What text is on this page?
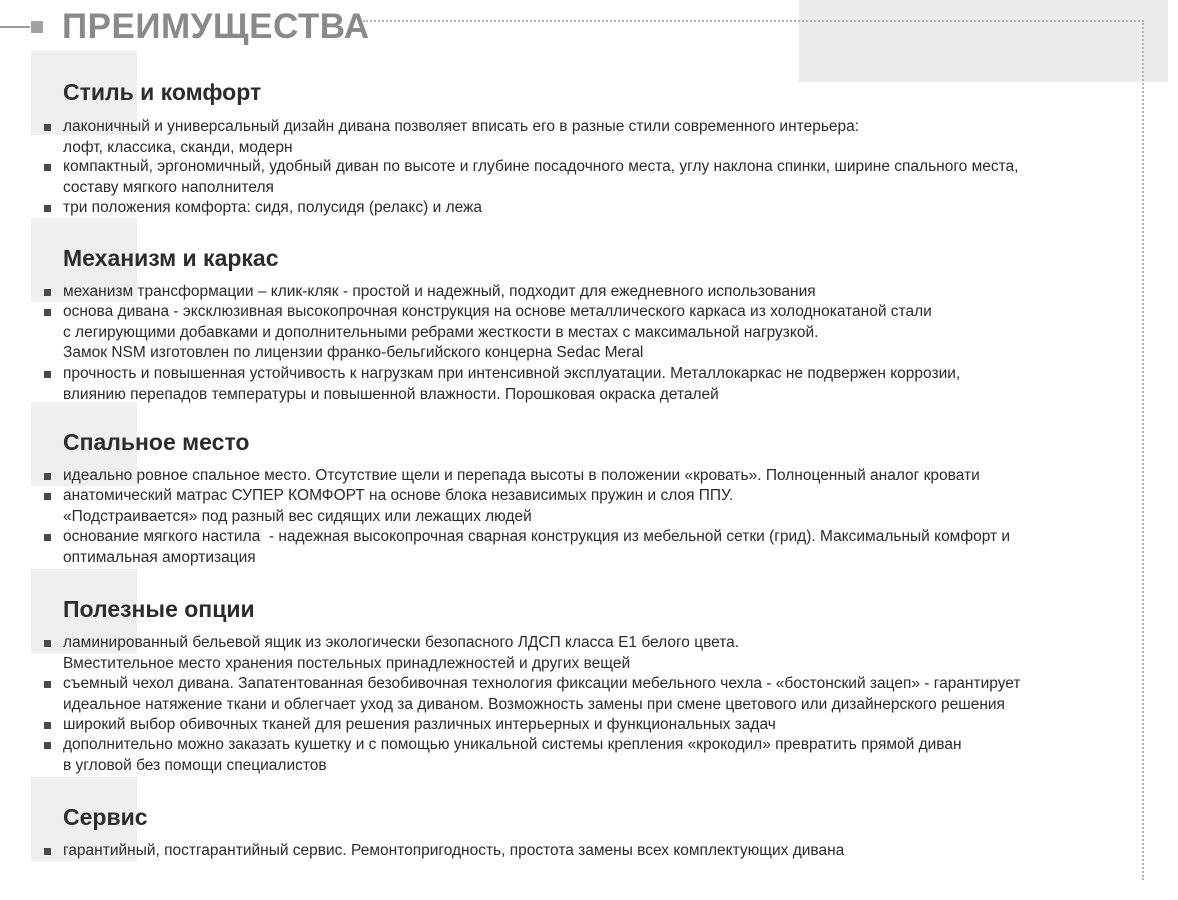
ПРЕИМУЩЕСТВА
Стиль и комфорт

лаконичный и универсальный дизайн дивана позволяет вписать его в разные стили современного интерьера:
лофт, классика, сканди, модерн

компактный, эргономичный, удобный диван по высоте и глубине посадочного места, углу наклона спинки, ширине спального места,
составу мягкого наполнителя

три положения комфорта: сидя, полусидя (релакс) и лежа

Механизм и каркас

механизм трансформации – клик-кляк - простой и надежный, подходит для ежедневного использования

основа дивана - эксклюзивная высокопрочная конструкция на основе металлического каркаса из холоднокатаной стали
с легирующими добавками и дополнительными ребрами жесткости в местах с максимальной нагрузкой.
Замок NSM изготовлен по лицензии франко-бельгийского концерна Sedac Meral

прочность и повышенная устойчивость к нагрузкам при интенсивной эксплуатации. Металлокаркас не подвержен коррозии,
влиянию перепадов температуры и повышенной влажности. Порошковая окраска деталей

Спальное место

идеально ровное спальное место. Отсутствие щели и перепада высоты в положении «кровать». Полноценный аналог кровати

анатомический матрас СУПЕР КОМФОРТ на основе блока независимых пружин и слоя ППУ.
«Подстраивается» под разный вес сидящих или лежащих людей

основание мягкого настила  - надежная высокопрочная сварная конструкция из мебельной сетки (грид). Максимальный комфорт и
оптимальная амортизация

Полезные опции

ламинированный бельевой ящик из экологически безопасного ЛДСП класса Е1 белого цвета.
Вместительное место хранения постельных принадлежностей и других вещей

съемный чехол дивана. Запатентованная безобивочная технология фиксации мебельного чехла - «бостонский зацеп» - гарантирует
идеальное натяжение ткани и облегчает уход за диваном. Возможность замены при смене цветового или дизайнерского решения

широкий выбор обивочных тканей для решения различных интерьерных и функциональных задач

дополнительно можно заказать кушетку и с помощью уникальной системы крепления «крокодил» превратить прямой диван
в угловой без помощи специалистов

Сервис

гарантийный, постгарантийный сервис. Ремонтопригодность, простота замены всех комплектующих дивана
